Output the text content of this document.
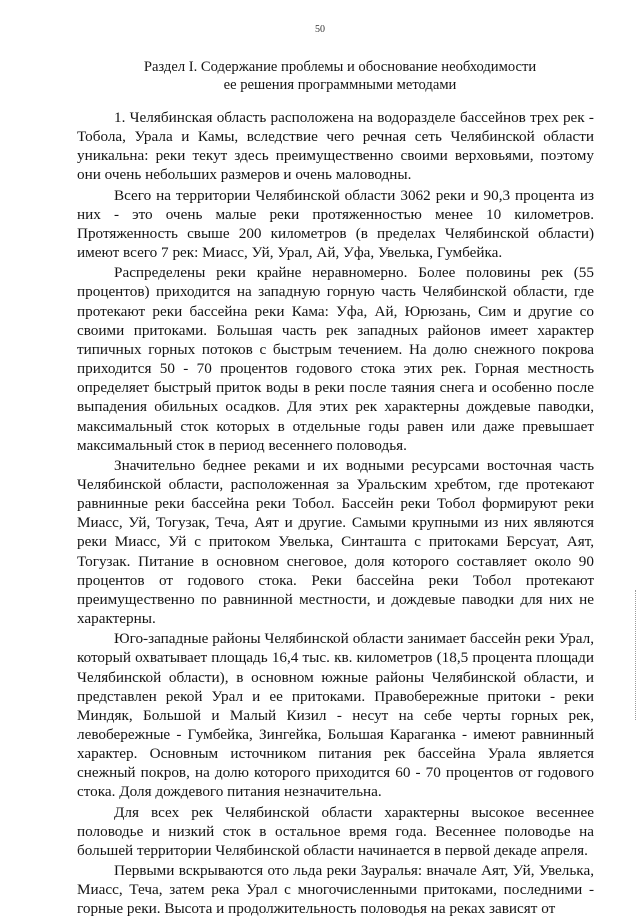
50
Раздел I. Содержание проблемы и обоснование необходимости
ее решения программными методами

1. Челябинская область расположена на водоразделе бассейнов трех рек - Тобола, Урала и Камы, вследствие чего речная сеть Челябинской области уникальна: реки текут здесь преимущественно своими верховьями, поэтому они очень небольших размеров и очень маловодны.

Всего на территории Челябинской области 3062 реки и 90,3 процента из них - это очень малые реки протяженностью менее 10 километров. Протяженность свыше 200 километров (в пределах Челябинской области) имеют всего 7 рек: Миасс, Уй, Урал, Ай, Уфа, Увелька, Гумбейка.

Распределены реки крайне неравномерно. Более половины рек (55 процентов) приходится на западную горную часть Челябинской области, где протекают реки бассейна реки Кама: Уфа, Ай, Юрюзань, Сим и другие со своими притоками. Большая часть рек западных районов имеет характер типичных горных потоков с быстрым течением. На долю снежного покрова приходится 50 - 70 процентов годового стока этих рек. Горная местность определяет быстрый приток воды в реки после таяния снега и особенно после выпадения обильных осадков. Для этих рек характерны дождевые паводки, максимальный сток которых в отдельные годы равен или даже превышает максимальный сток в период весеннего половодья.

Значительно беднее реками и их водными ресурсами восточная часть Челябинской области, расположенная за Уральским хребтом, где протекают равнинные реки бассейна реки Тобол. Бассейн реки Тобол формируют реки Миасс, Уй, Тогузак, Теча, Аят и другие. Самыми крупными из них являются реки Миасс, Уй с притоком Увелька, Синташта с притоками Берсуат, Аят, Тогузак. Питание в основном снеговое, доля которого составляет около 90 процентов от годового стока. Реки бассейна реки Тобол протекают преимущественно по равнинной местности, и дождевые паводки для них не характерны.

Юго-западные районы Челябинской области занимает бассейн реки Урал, который охватывает площадь 16,4 тыс. кв. километров (18,5 процента площади Челябинской области), в основном южные районы Челябинской области, и представлен рекой Урал и ее притоками. Правобережные притоки - реки Миндяк, Большой и Малый Кизил - несут на себе черты горных рек, левобережные - Гумбейка, Зингейка, Большая Караганка - имеют равнинный характер. Основным источником питания рек бассейна Урала является снежный покров, на долю которого приходится 60 - 70 процентов от годового стока. Доля дождевого питания незначительна.

Для всех рек Челябинской области характерны высокое весеннее половодье и низкий сток в остальное время года. Весеннее половодье на большей территории Челябинской области начинается в первой декаде апреля.

Первыми вскрываются ото льда реки Зауралья: вначале Аят, Уй, Увелька, Миасс, Теча, затем река Урал с многочисленными притоками, последними - горные реки. Высота и продолжительность половодья на реках зависят от
